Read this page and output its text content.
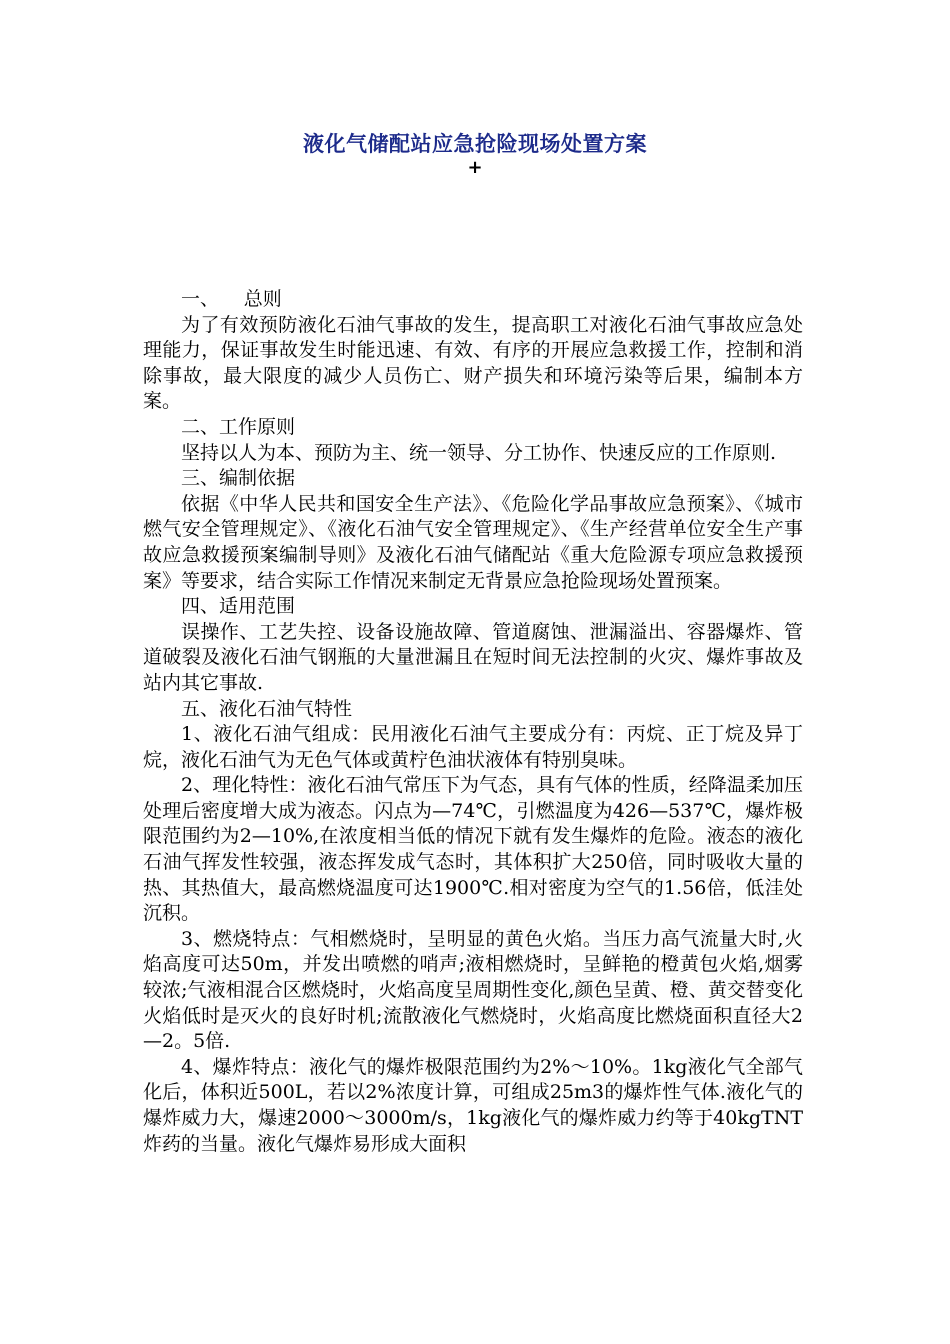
液化气储配站应急抢险现场处置方案
+

一、 总则

为了有效预防液化石油气事故的发生，提高职工对液化石油气事故应急处理能力，保证事故发生时能迅速、有效、有序的开展应急救援工作，控制和消除事故，最大限度的减少人员伤亡、财产损失和环境污染等后果，编制本方案。

二、工作原则

坚持以人为本、预防为主、统一领导、分工协作、快速反应的工作原则.

三、编制依据

依据《中华人民共和国安全生产法》、《危险化学品事故应急预案》、《城市燃气安全管理规定》、《液化石油气安全管理规定》、《生产经营单位安全生产事故应急救援预案编制导则》及液化石油气储配站《重大危险源专项应急救援预案》等要求，结合实际工作情况来制定无背景应急抢险现场处置预案。

四、适用范围

误操作、工艺失控、设备设施故障、管道腐蚀、泄漏溢出、容器爆炸、管道破裂及液化石油气钢瓶的大量泄漏且在短时间无法控制的火灾、爆炸事故及站内其它事故.

五、液化石油气特性

1、液化石油气组成：民用液化石油气主要成分有：丙烷、正丁烷及异丁烷，液化石油气为无色气体或黄柠色油状液体有特别臭味。

2、理化特性：液化石油气常压下为气态，具有气体的性质，经降温柔加压处理后密度增大成为液态。闪点为—74℃，引燃温度为426—537℃，爆炸极限范围约为2—10%,在浓度相当低的情况下就有发生爆炸的危险。液态的液化石油气挥发性较强，液态挥发成气态时，其体积扩大250倍，同时吸收大量的热、其热值大，最高燃烧温度可达1900℃.相对密度为空气的1.56倍，低洼处沉积。

3、燃烧特点：气相燃烧时，呈明显的黄色火焰。当压力高气流量大时,火焰高度可达50m，并发出喷燃的哨声;液相燃烧时，呈鲜艳的橙黄包火焰,烟雾较浓;气液相混合区燃烧时，火焰高度呈周期性变化,颜色呈黄、橙、黄交替变化火焰低时是灭火的良好时机;流散液化气燃烧时，火焰高度比燃烧面积直径大2—2。5倍.

4、爆炸特点：液化气的爆炸极限范围约为2%～10%。1kg液化气全部气化后，体积近500L，若以2%浓度计算，可组成25m3的爆炸性气体.液化气的爆炸威力大，爆速2000～3000m/s，1kg液化气的爆炸威力约等于40kgTNT炸药的当量。液化气爆炸易形成大面积
